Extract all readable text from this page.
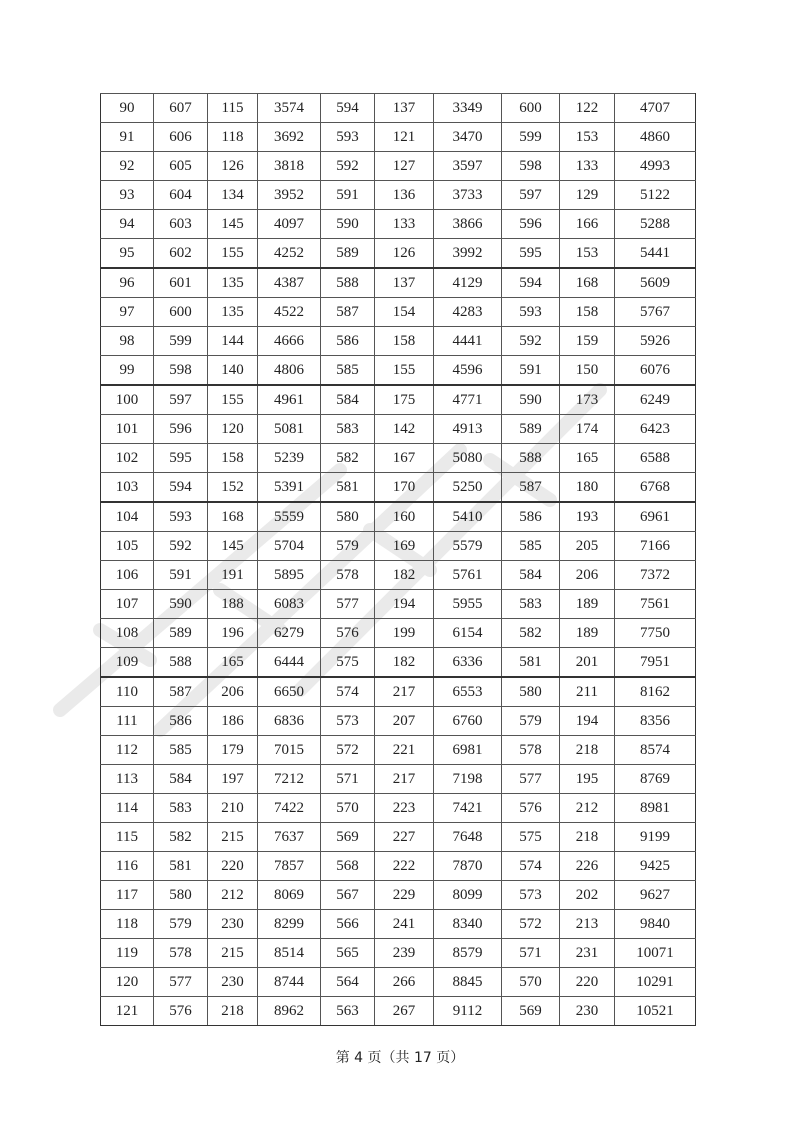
90	607	115	3574	594	137	3349	600	122	4707
91	606	118	3692	593	121	3470	599	153	4860
92	605	126	3818	592	127	3597	598	133	4993
93	604	134	3952	591	136	3733	597	129	5122
94	603	145	4097	590	133	3866	596	166	5288
95	602	155	4252	589	126	3992	595	153	5441
96	601	135	4387	588	137	4129	594	168	5609
97	600	135	4522	587	154	4283	593	158	5767
98	599	144	4666	586	158	4441	592	159	5926
99	598	140	4806	585	155	4596	591	150	6076
100	597	155	4961	584	175	4771	590	173	6249
101	596	120	5081	583	142	4913	589	174	6423
102	595	158	5239	582	167	5080	588	165	6588
103	594	152	5391	581	170	5250	587	180	6768
104	593	168	5559	580	160	5410	586	193	6961
105	592	145	5704	579	169	5579	585	205	7166
106	591	191	5895	578	182	5761	584	206	7372
107	590	188	6083	577	194	5955	583	189	7561
108	589	196	6279	576	199	6154	582	189	7750
109	588	165	6444	575	182	6336	581	201	7951
110	587	206	6650	574	217	6553	580	211	8162
111	586	186	6836	573	207	6760	579	194	8356
112	585	179	7015	572	221	6981	578	218	8574
113	584	197	7212	571	217	7198	577	195	8769
114	583	210	7422	570	223	7421	576	212	8981
115	582	215	7637	569	227	7648	575	218	9199
116	581	220	7857	568	222	7870	574	226	9425
117	580	212	8069	567	229	8099	573	202	9627
118	579	230	8299	566	241	8340	572	213	9840
119	578	215	8514	565	239	8579	571	231	10071
120	577	230	8744	564	266	8845	570	220	10291
121	576	218	8962	563	267	9112	569	230	10521
第 4 页（共 17 页）
